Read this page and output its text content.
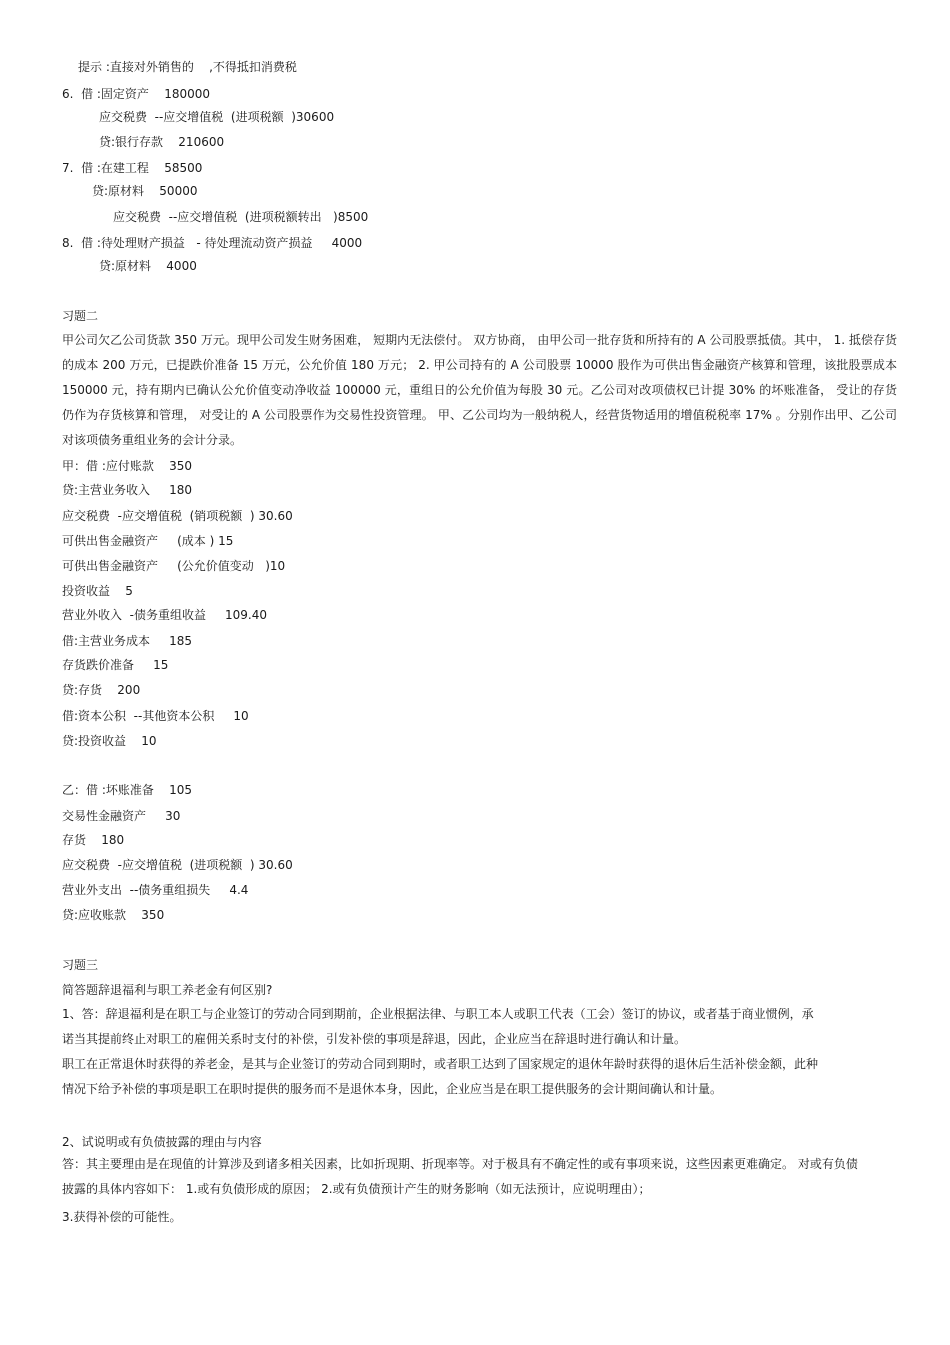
提示 :直接对外销售的    ,不得抵扣消费税
6.  借 :固定资产    180000
应交税费  --应交增值税  (进项税额  )30600
贷:银行存款    210600
7.  借 :在建工程    58500
贷:原材料    50000
应交税费  --应交增值税  (进项税额转出   )8500
8.  借 :待处理财产损益   - 待处理流动资产损益     4000
贷:原材料    4000
习题二
甲公司欠乙公司货款 350 万元。现甲公司发生财务困难， 短期内无法偿付。 双方协商， 由甲公司一批存货和所持有的 A 公司股票抵债。其中， 1. 抵偿存货的成本 200 万元，已提跌价准备 15 万元，公允价值 180 万元； 2. 甲公司持有的 A 公司股票 10000 股作为可供出售金融资产核算和管理，该批股票成本 150000 元，持有期内已确认公允价值变动净收益 100000 元，重组日的公允价值为每股 30 元。乙公司对改项债权已计提 30% 的坏账准备， 受让的存货仍作为存货核算和管理， 对受让的 A 公司股票作为交易性投资管理。 甲、乙公司均为一般纳税人，经营货物适用的增值税税率 17% 。分别作出甲、乙公司对该项债务重组业务的会计分录。
甲：借 :应付账款    350
贷:主营业务收入     180
应交税费  -应交增值税  (销项税额  ) 30.60
可供出售金融资产     (成本 ) 15
可供出售金融资产     (公允价值变动   )10
投资收益    5
营业外收入  -债务重组收益     109.40
借:主营业务成本     185
存货跌价准备     15
贷:存货    200
借:资本公积  --其他资本公积     10
贷:投资收益    10
乙：借 :坏账准备    105
交易性金融资产     30
存货    180
应交税费  -应交增值税  (进项税额  ) 30.60
营业外支出  --债务重组损失     4.4
贷:应收账款    350
习题三
简答题辞退福利与职工养老金有何区别?
1、答：辞退福利是在职工与企业签订的劳动合同到期前，企业根据法律、与职工本人或职工代表（工会）签订的协议，或者基于商业惯例，承诺当其提前终止对职工的雇佣关系时支付的补偿，引发补偿的事项是辞退，因此，企业应当在辞退时进行确认和计量。
职工在正常退休时获得的养老金，是其与企业签订的劳动合同到期时，或者职工达到了国家规定的退休年龄时获得的退休后生活补偿金额，此种情况下给予补偿的事项是职工在职时提供的服务而不是退休本身，因此，企业应当是在职工提供服务的会计期间确认和计量。
2、试说明或有负债披露的理由与内容
答：其主要理由是在现值的计算涉及到诸多相关因素，比如折现期、折现率等。对于极具有不确定性的或有事项来说，这些因素更难确定。 对或有负债披露的具体内容如下： 1.或有负债形成的原因； 2.或有负债预计产生的财务影响（如无法预计，应说明理由）；
3.获得补偿的可能性。
